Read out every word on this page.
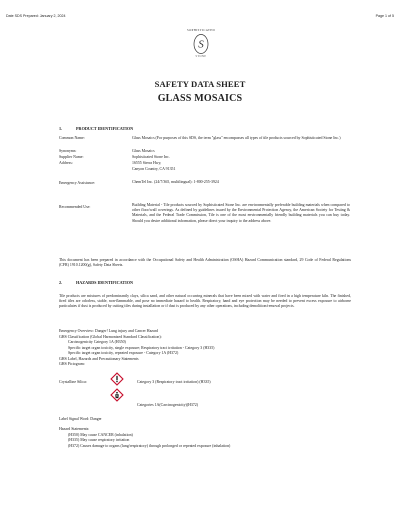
Date SDS Prepared: January 2, 2024	Page 1 of 5
SOPHISTICATED
S
STONE
SAFETY DATA SHEET
GLASS MOSAICS
1.	PRODUCT IDENTIFICATION
Common Name:	Glass Mosaics (For purposes of this SDS, the term "glass" encompasses all types of tile products sourced by Sophisticated Stone Inc.)
Synonyms:	Glass Mosaics
Supplier Name:	Sophisticated Stone Inc.
Address:	16555 Sierra Hwy,
Canyon Country, CA 91351
Emergency Assistance:	ChemTel Inc. (24/7/365, multilingual): 1-800-255-3924
Recommended Use:	Building Material - Tile products sourced by Sophisticated Stone Inc. are environmentally preferable building materials when compared to other floor/wall coverings. As defined by guidelines issued by the Environmental Protection Agency, the American Society for Testing & Materials, and the Federal Trade Commission, Tile is one of the most environmentally friendly building materials you can buy today. Should you desire additional information, please direct your inquiry to the address above.
This document has been prepared in accordance with the Occupational Safety and Health Administration (OSHA) Hazard Communication standard, 29 Code of Federal Regulations (CFR) 1910.1200(g), Safety Data Sheets.
2.	HAZARDS IDENTIFICATION
Tile products are mixtures of predominantly clays, silica sand, and other natural occurring minerals that have been mixed with water and fired in a high temperature kiln. The finished, fired tiles are odorless, stable, non-flammable, and pose no immediate hazard to health. Respiratory, hand and eye protection may be needed to prevent excess exposure to airborne particulates if dust is produced by cutting tiles during installation or if dust is produced by any other operations, including demolition/removal projects.
Emergency Overview: Danger! Lung injury and Cancer Hazard
GHS Classification (Global Harmonized Standard Classification):
Carcinogenicity Category 1A (H350)
Specific target organ toxicity, single exposure; Respiratory tract irritation - Category 3 (H335)
Specific target organ toxicity, repeated exposure - Category 1A (H372)
GHS Label, Hazards and Precautionary Statements
GHS Pictogram:
Crystalline Silica:	Category 3 (Respiratory tract irritation) (H335)
Categories 1A(Carcinogenicity)(H372)
Label Signal Word: Danger
Hazard Statements:
(H350) May cause CANCER (inhalation)
(H335) May cause respiratory irritation
(H372) Causes damage to organs (lung/respiratory) through prolonged or repeated exposure (inhalation)
